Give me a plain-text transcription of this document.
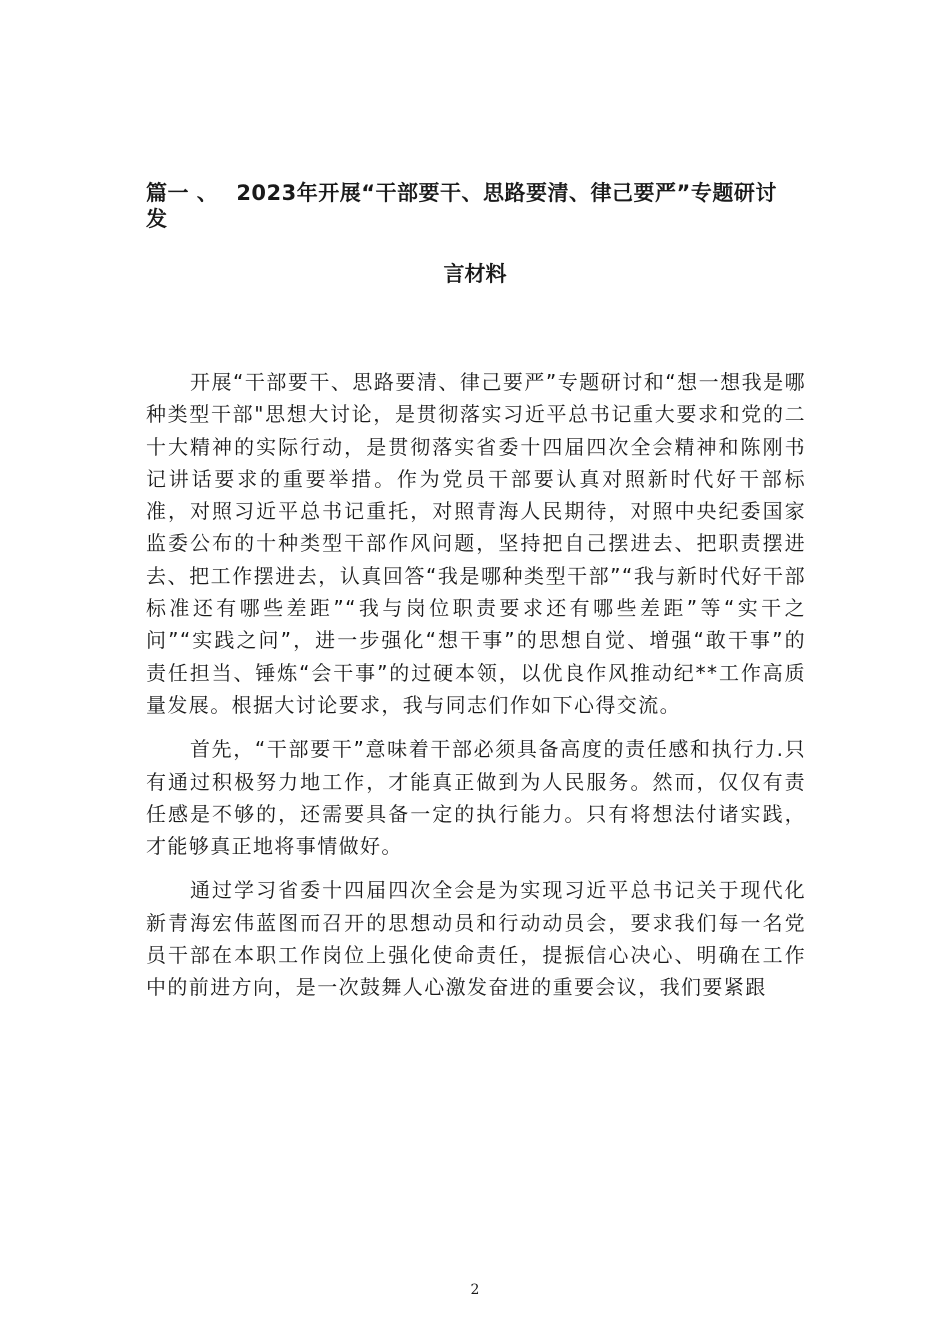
篇一 、 2023年开展“干部要干、思路要清、律己要严”专题研讨
发
言材料

开展“干部要干、思路要清、律己要严”专题研讨和“想一想我是哪种类型干部"思想大讨论，是贯彻落实习近平总书记重大要求和党的二十大精神的实际行动，是贯彻落实省委十四届四次全会精神和陈刚书记讲话要求的重要举措。作为党员干部要认真对照新时代好干部标准，对照习近平总书记重托，对照青海人民期待，对照中央纪委国家监委公布的十种类型干部作风问题，坚持把自己摆进去、把职责摆进去、把工作摆进去，认真回答“我是哪种类型干部”“我与新时代好干部标准还有哪些差距”“我与岗位职责要求还有哪些差距”等“实干之问”“实践之问”，进一步强化“想干事”的思想自觉、增强“敢干事”的责任担当、锤炼“会干事”的过硬本领，以优良作风推动纪**工作高质量发展。根据大讨论要求，我与同志们作如下心得交流。

首先，“干部要干”意味着干部必须具备高度的责任感和执行力.只有通过积极努力地工作，才能真正做到为人民服务。然而，仅仅有责任感是不够的，还需要具备一定的执行能力。只有将想法付诸实践，才能够真正地将事情做好。

通过学习省委十四届四次全会是为实现习近平总书记关于现代化新青海宏伟蓝图而召开的思想动员和行动动员会，要求我们每一名党员干部在本职工作岗位上强化使命责任，提振信心决心、明确在工作中的前进方向，是一次鼓舞人心激发奋进的重要会议，我们要紧跟

2
